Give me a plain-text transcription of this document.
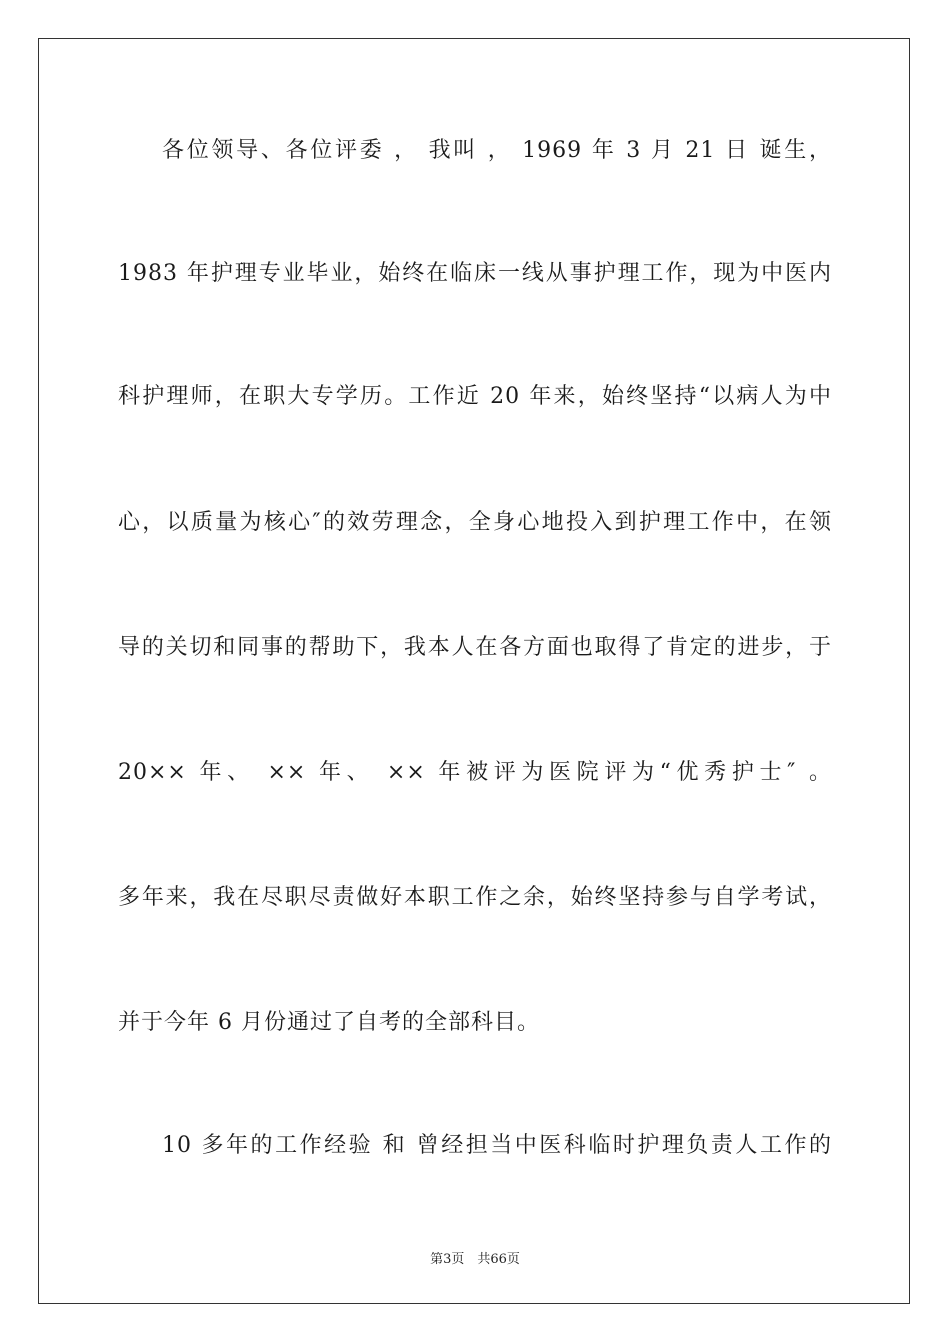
各位领导、各位评委 ， 我叫 ， 1969 年 3 月 21 日 诞生，

1983 年护理专业毕业，始终在临床一线从事护理工作，现为中医内

科护理师，在职大专学历。工作近 20 年来，始终坚持“以病人为中

心，以质量为核心″的效劳理念，全身心地投入到护理工作中，在领

导的关切和同事的帮助下，我本人在各方面也取得了肯定的进步，于

20×× 年、 ×× 年、 ×× 年被评为医院评为“优秀护士″ 。

多年来，我在尽职尽责做好本职工作之余，始终坚持参与自学考试，

并于今年 6 月份通过了自考的全部科目。

10 多年的工作经验 和 曾经担当中医科临时护理负责人工作的

第3页　共66页
